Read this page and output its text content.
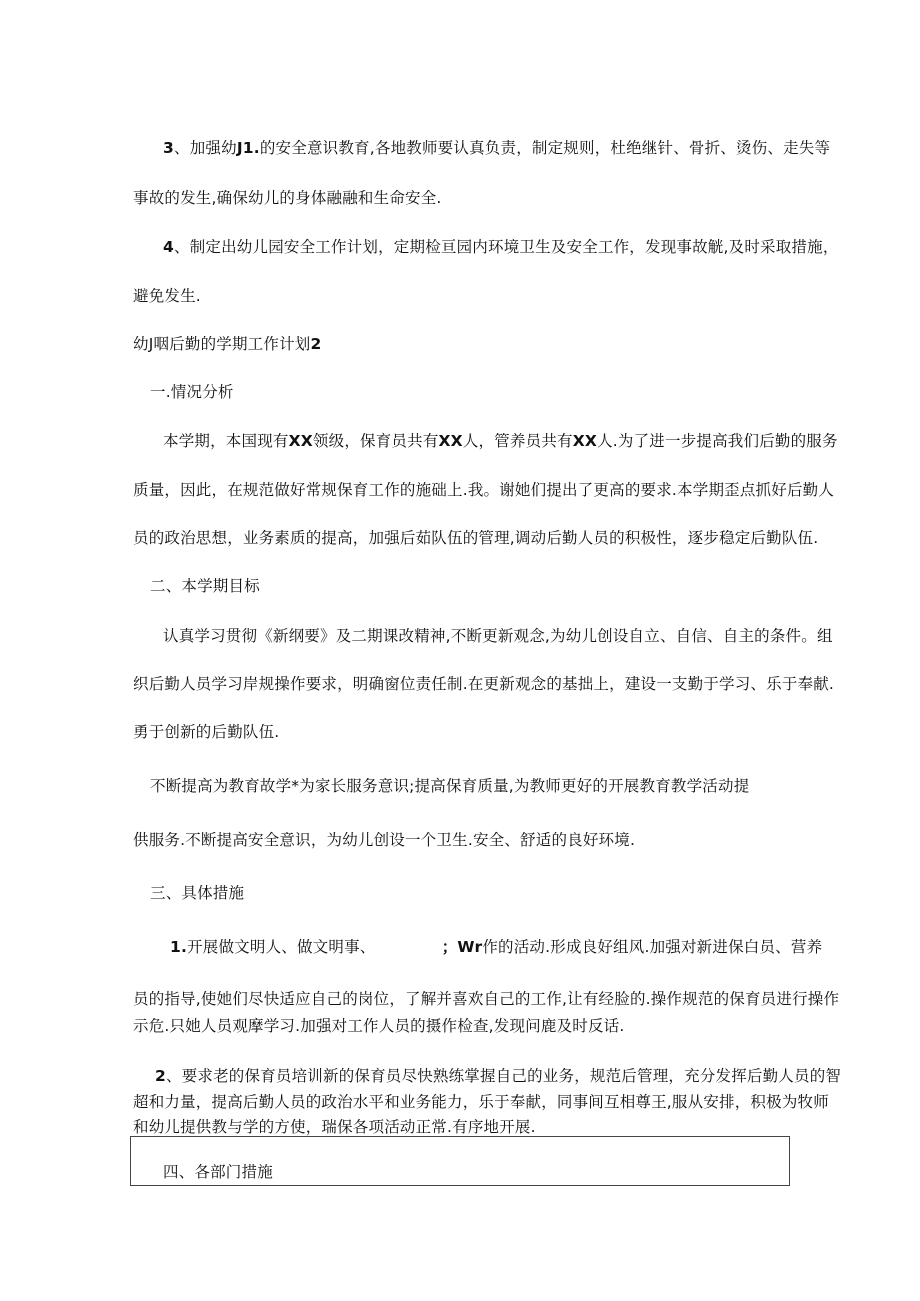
3、加强幼J1.的安全意识教育,各地教师要认真负责，制定规则，杜绝继针、骨折、烫伤、走失等
事故的发生,确保幼儿的身体融融和生命安全.
4、制定出幼儿园安全工作计划，定期检亘园内环境卫生及安全工作，发现事故觥,及时采取措施，
避免发生.
幼J咽后勤的学期工作计划2
一.情况分析
本学期，本国现有XX领级，保育员共有XX人，管养员共有XX人.为了进一步提高我们后勤的服务
质量，因此，在规范做好常规保育工作的施础上.我。谢她们提出了更高的要求.本学期歪点抓好后勤人
员的政治思想，业务素质的提高，加强后茹队伍的管理,调动后勤人员的积极性，逐步稳定后勤队伍.
二、本学期目标
认真学习贯彻《新纲要》及二期课改精神,不断更新观念,为幼儿创设自立、自信、自主的条件。组
织后勤人员学习岸规操作要求，明确窗位责任制.在更新观念的基拙上，建设一支勤于学习、乐于奉献.
勇于创新的后勤队伍.
不断提高为教育故学*为家长服务意识;提高保育质量,为教师更好的开展教育教学活动提
供服务.不断提高安全意识，为幼儿创设一个卫生.安全、舒适的良好环境.
三、具体措施
1.开展做文明人、做文明事、	；Wr作的活动.形成良好组风.加强对新进保白员、营养
员的指导,使她们尽快适应自己的岗位，了解并喜欢自己的工作,让有经脸的.操作规范的保育员进行操作
示危.只她人员观摩学习.加强对工作人员的摄作检查,发现问鹿及时反话.
2、要求老的保育员培训新的保育员尽快熟练掌握自己的业务，规范后管理，充分发挥后勤人员的智
超和力量，提高后勤人员的政治水平和业务能力，乐于奉献，同事间互相尊王,服从安排，积极为牧师
和幼儿提供教与学的方使，瑞保各项活动正常.有序地开展.
四、各部门措施
